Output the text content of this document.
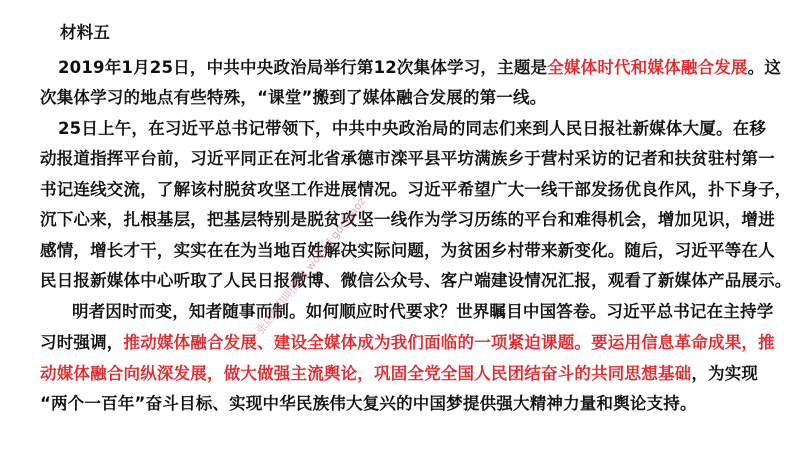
材料五
2019年1月25日，中共中央政治局举行第12次集体学习，主题是全媒体时代和媒体融合发展。这
次集体学习的地点有些特殊，“课堂”搬到了媒体融合发展的第一线。
25日上午，在习近平总书记带领下，中共中央政治局的同志们来到人民日报社新媒体大厦。在移
动报道指挥平台前，习近平同正在河北省承德市滦平县平坊满族乡于营村采访的记者和扶贫驻村第一
书记连线交流，了解该村脱贫攻坚工作进展情况。习近平希望广大一线干部发扬优良作风，扑下身子，
沉下心来，扎根基层，把基层特别是脱贫攻坚一线作为学习历练的平台和难得机会，增加见识，增进
感情，增长才干，实实在在为当地百姓解决实际问题，为贫困乡村带来新变化。随后，习近平等在人
民日报新媒体中心听取了人民日报微博、微信公众号、客户端建设情况汇报，观看了新媒体产品展示。
明者因时而变，知者随事而制。如何顺应时代要求？世界瞩目中国答卷。习近平总书记在主持学
习时强调，推动媒体融合发展、建设全媒体成为我们面临的一项紧迫课题。要运用信息革命成果，推
动媒体融合向纵深发展，做大做强主流舆论，巩固全党全国人民团结奋斗的共同思想基础，为实现
“两个一百年”奋斗目标、实现中华民族伟大复兴的中国梦提供强大精神力量和舆论支持。
·张店刻印明朗微 wo2ed·gocigaoz
